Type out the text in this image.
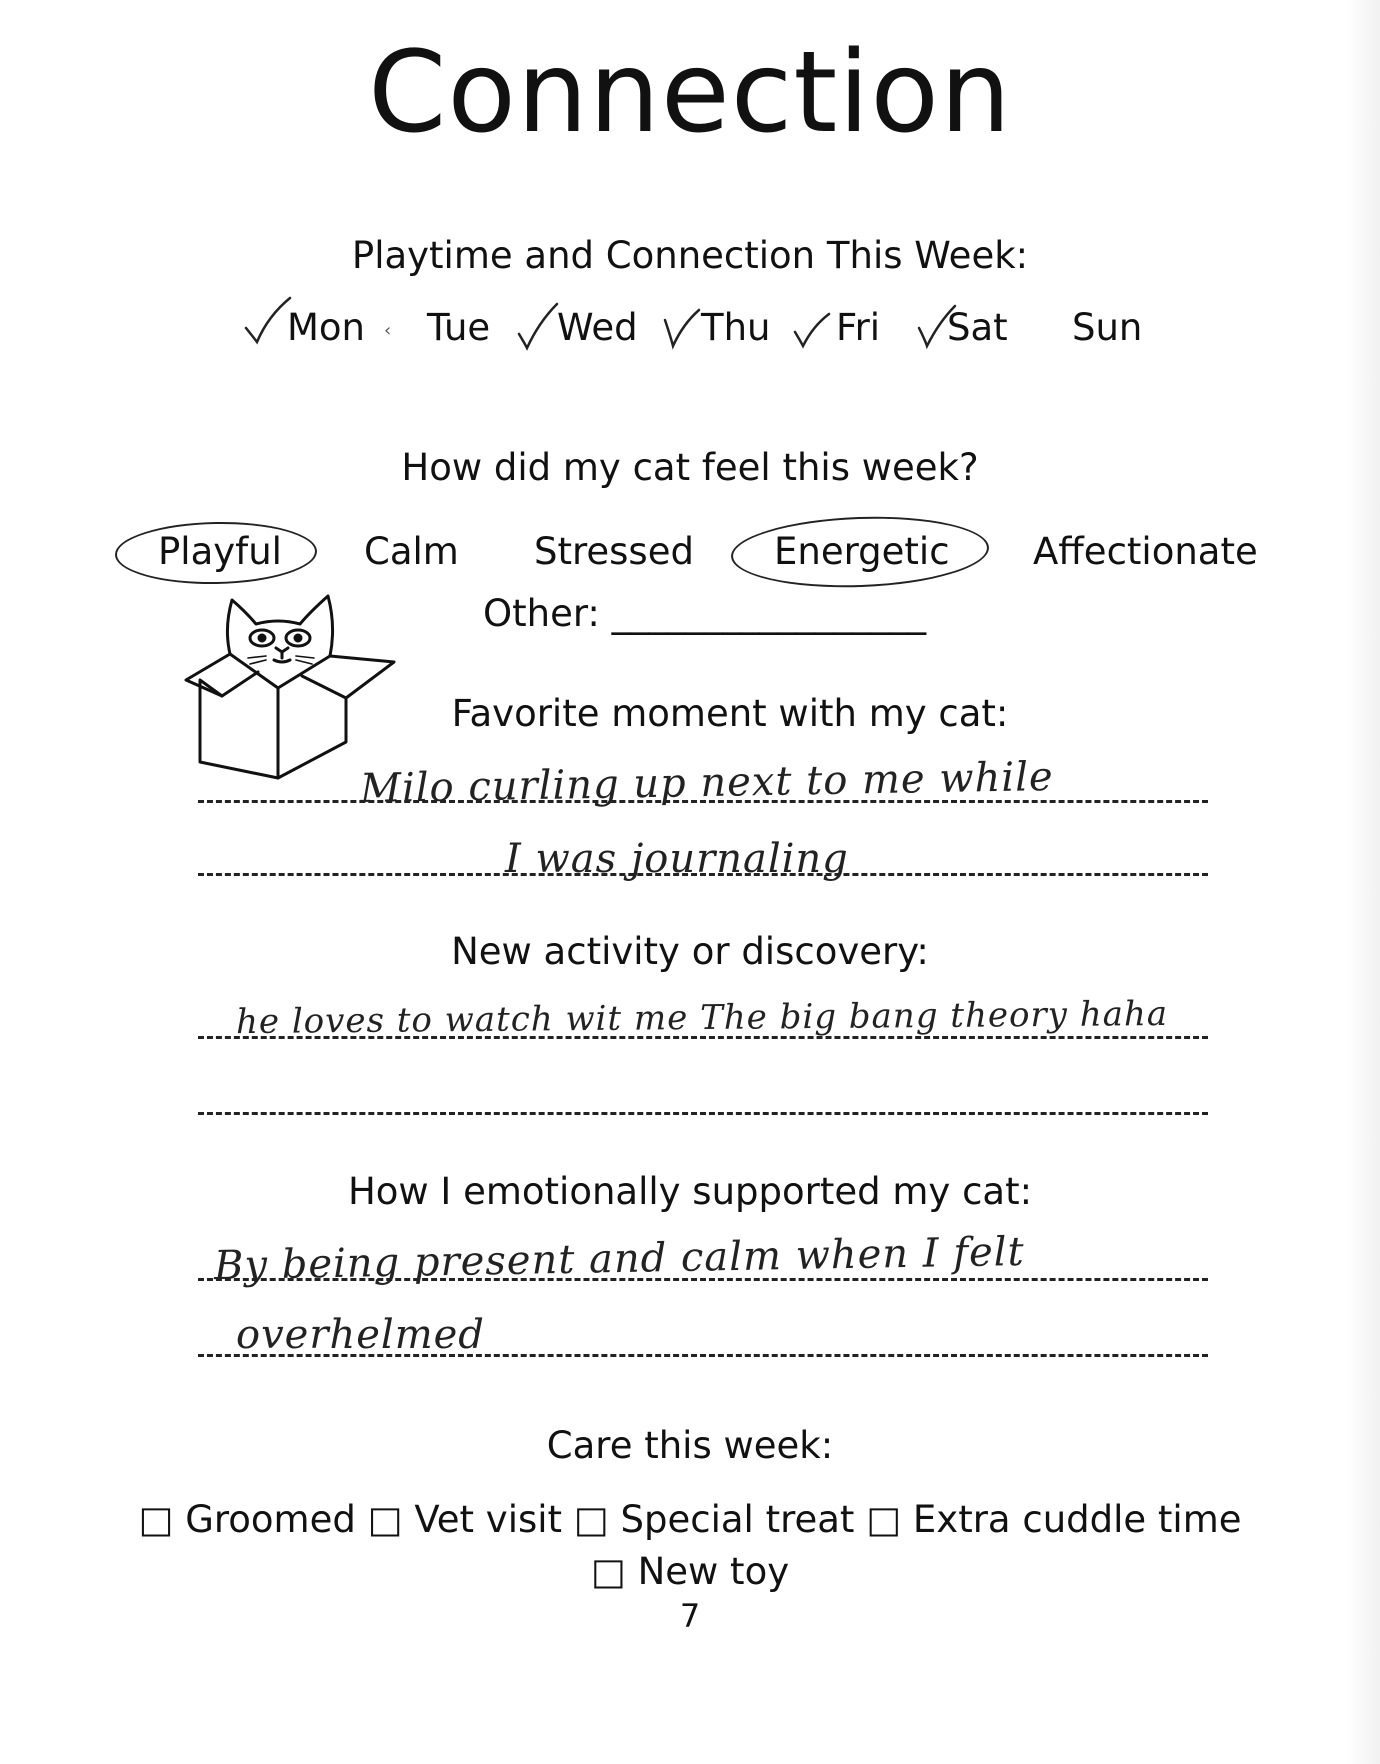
Connection
Playtime and Connection This Week:
Mon ‹ Tue Wed Thu Fri Sat Sun
How did my cat feel this week?
Playful Calm Stressed Energetic Affectionate
Other: _________________
Favorite moment with my cat:
Milo curling up next to me while
I was journaling
New activity or discovery:
he loves to watch wit me The big bang theory haha
How I emotionally supported my cat:
By being present and calm when I felt
overhelmed
Care this week:
□ Groomed □ Vet visit □ Special treat □ Extra cuddle time
□ New toy
7
